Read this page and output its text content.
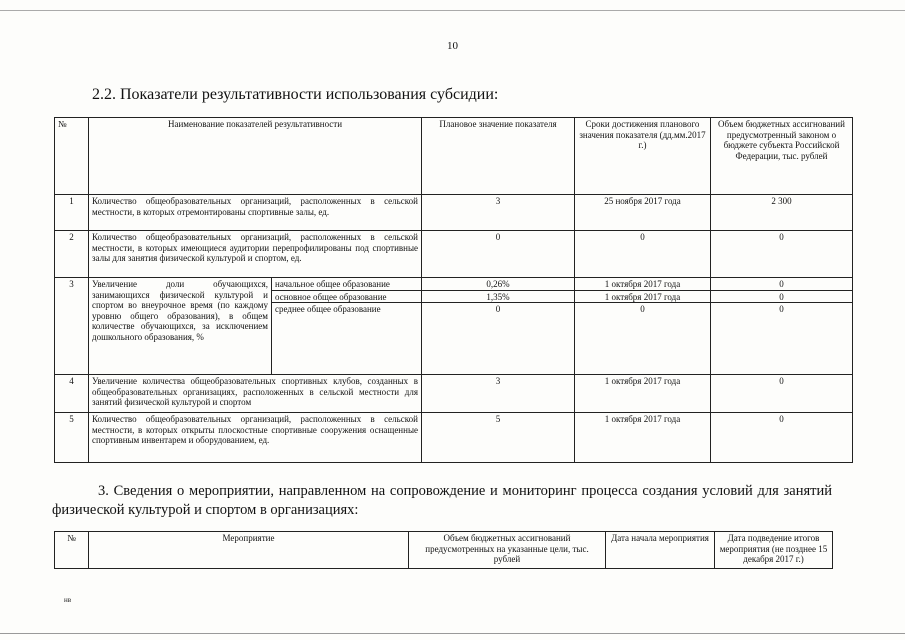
10
2.2. Показатели результативности использования субсидии:
№	Наименование показателей результативности		Плановое значение показателя	Сроки достижения планового значения показателя (дд.мм.2017 г.)	Объем бюджетных ассигнований предусмотренный законом о бюджете субъекта Российской Федерации, тыс. рублей
1	Количество общеобразовательных организаций, расположенных в сельской местности, в которых отремонтированы спортивные залы, ед.		3	25 ноября 2017 года	2 300
2	Количество общеобразовательных организаций, расположенных в сельской местности, в которых имеющиеся аудитории перепрофилированы под спортивные залы для занятия физической культурой и спортом, ед.		0	0	0
3	Увеличение доли обучающихся, занимающихся физической культурой и спортом во внеурочное время (по каждому уровню общего образования), в общем количестве обучающихся, за исключением дошкольного образования, %	начальное общее образование	0,26%	1 октября 2017 года	0
		основное общее образование	1,35%	1 октября 2017 года	0
		среднее общее образование	0	0	0
4	Увеличение количества общеобразовательных спортивных клубов, созданных в общеобразовательных организациях, расположенных в сельской местности для занятий физической культурой и спортом		3	1 октября 2017 года	0
5	Количество общеобразовательных организаций, расположенных в сельской местности, в которых открыты плоскостные спортивные сооружения оснащенные спортивным инвентарем и оборудованием, ед.		5	1 октября 2017 года	0
3. Сведения о мероприятии, направленном на сопровождение и мониторинг процесса создания условий для занятий физической культурой и спортом в организациях:
№	Мероприятие	Объем бюджетных ассигнований предусмотренных на указанные цели, тыс. рублей	Дата начала мероприятия	Дата подведение итогов мероприятия (не позднее 15 декабря 2017 г.)
нв
